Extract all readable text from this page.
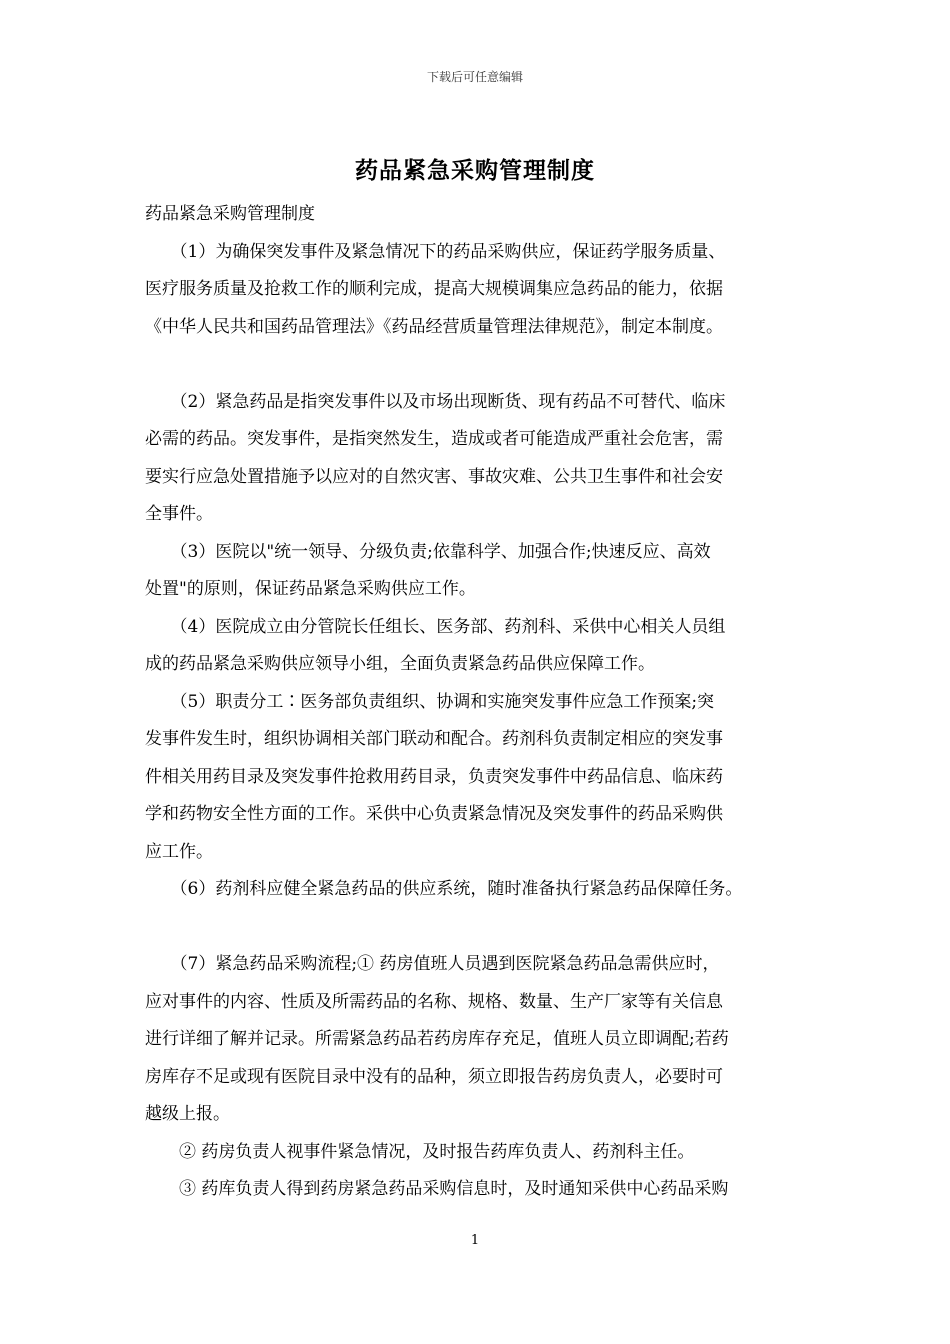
下载后可任意编辑
药品紧急采购管理制度
药品紧急采购管理制度
　　（1）为确保突发事件及紧急情况下的药品采购供应，保证药学服务质量、
医疗服务质量及抢救工作的顺利完成，提高大规模调集应急药品的能力，依据
《中华人民共和国药品管理法》《药品经营质量管理法律规范》，制定本制度。
　　（2）紧急药品是指突发事件以及市场出现断货、现有药品不可替代、临床
必需的药品。突发事件，是指突然发生，造成或者可能造成严重社会危害，需
要实行应急处置措施予以应对的自然灾害、事故灾难、公共卫生事件和社会安
全事件。
　　（3）医院以"统一领导、分级负责;依靠科学、加强合作;快速反应、高效
处置"的原则，保证药品紧急采购供应工作。
　　（4）医院成立由分管院长任组长、医务部、药剂科、采供中心相关人员组
成的药品紧急采购供应领导小组，全面负责紧急药品供应保障工作。
　　（5）职责分工∶医务部负责组织、协调和实施突发事件应急工作预案;突
发事件发生时，组织协调相关部门联动和配合。药剂科负责制定相应的突发事
件相关用药目录及突发事件抢救用药目录，负责突发事件中药品信息、临床药
学和药物安全性方面的工作。采供中心负责紧急情况及突发事件的药品采购供
应工作。
　　（6）药剂科应健全紧急药品的供应系统，随时准备执行紧急药品保障任务。
　　（7）紧急药品采购流程;① 药房值班人员遇到医院紧急药品急需供应时，
应对事件的内容、性质及所需药品的名称、规格、数量、生产厂家等有关信息
进行详细了解并记录。所需紧急药品若药房库存充足，值班人员立即调配;若药
房库存不足或现有医院目录中没有的品种，须立即报告药房负责人，必要时可
越级上报。
　　② 药房负责人视事件紧急情况，及时报告药库负责人、药剂科主任。
　　③ 药库负责人得到药房紧急药品采购信息时，及时通知采供中心药品采购
1
